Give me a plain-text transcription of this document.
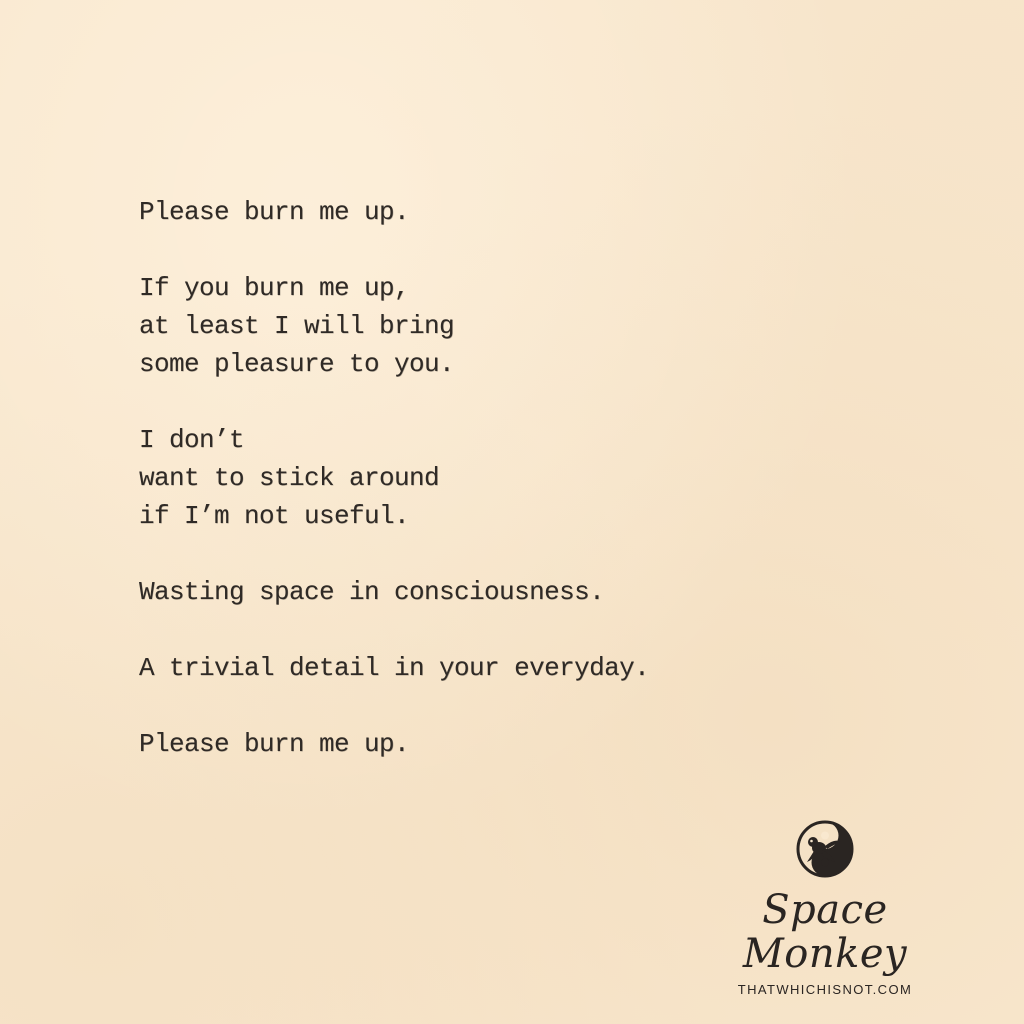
Please burn me up.
If you burn me up,
at least I will bring
some pleasure to you.
I don’t
want to stick around
if I’m not useful.
Wasting space in consciousness.
A trivial detail in your everyday.
Please burn me up.
Space Monkey
THATWHICHISNOT.COM
